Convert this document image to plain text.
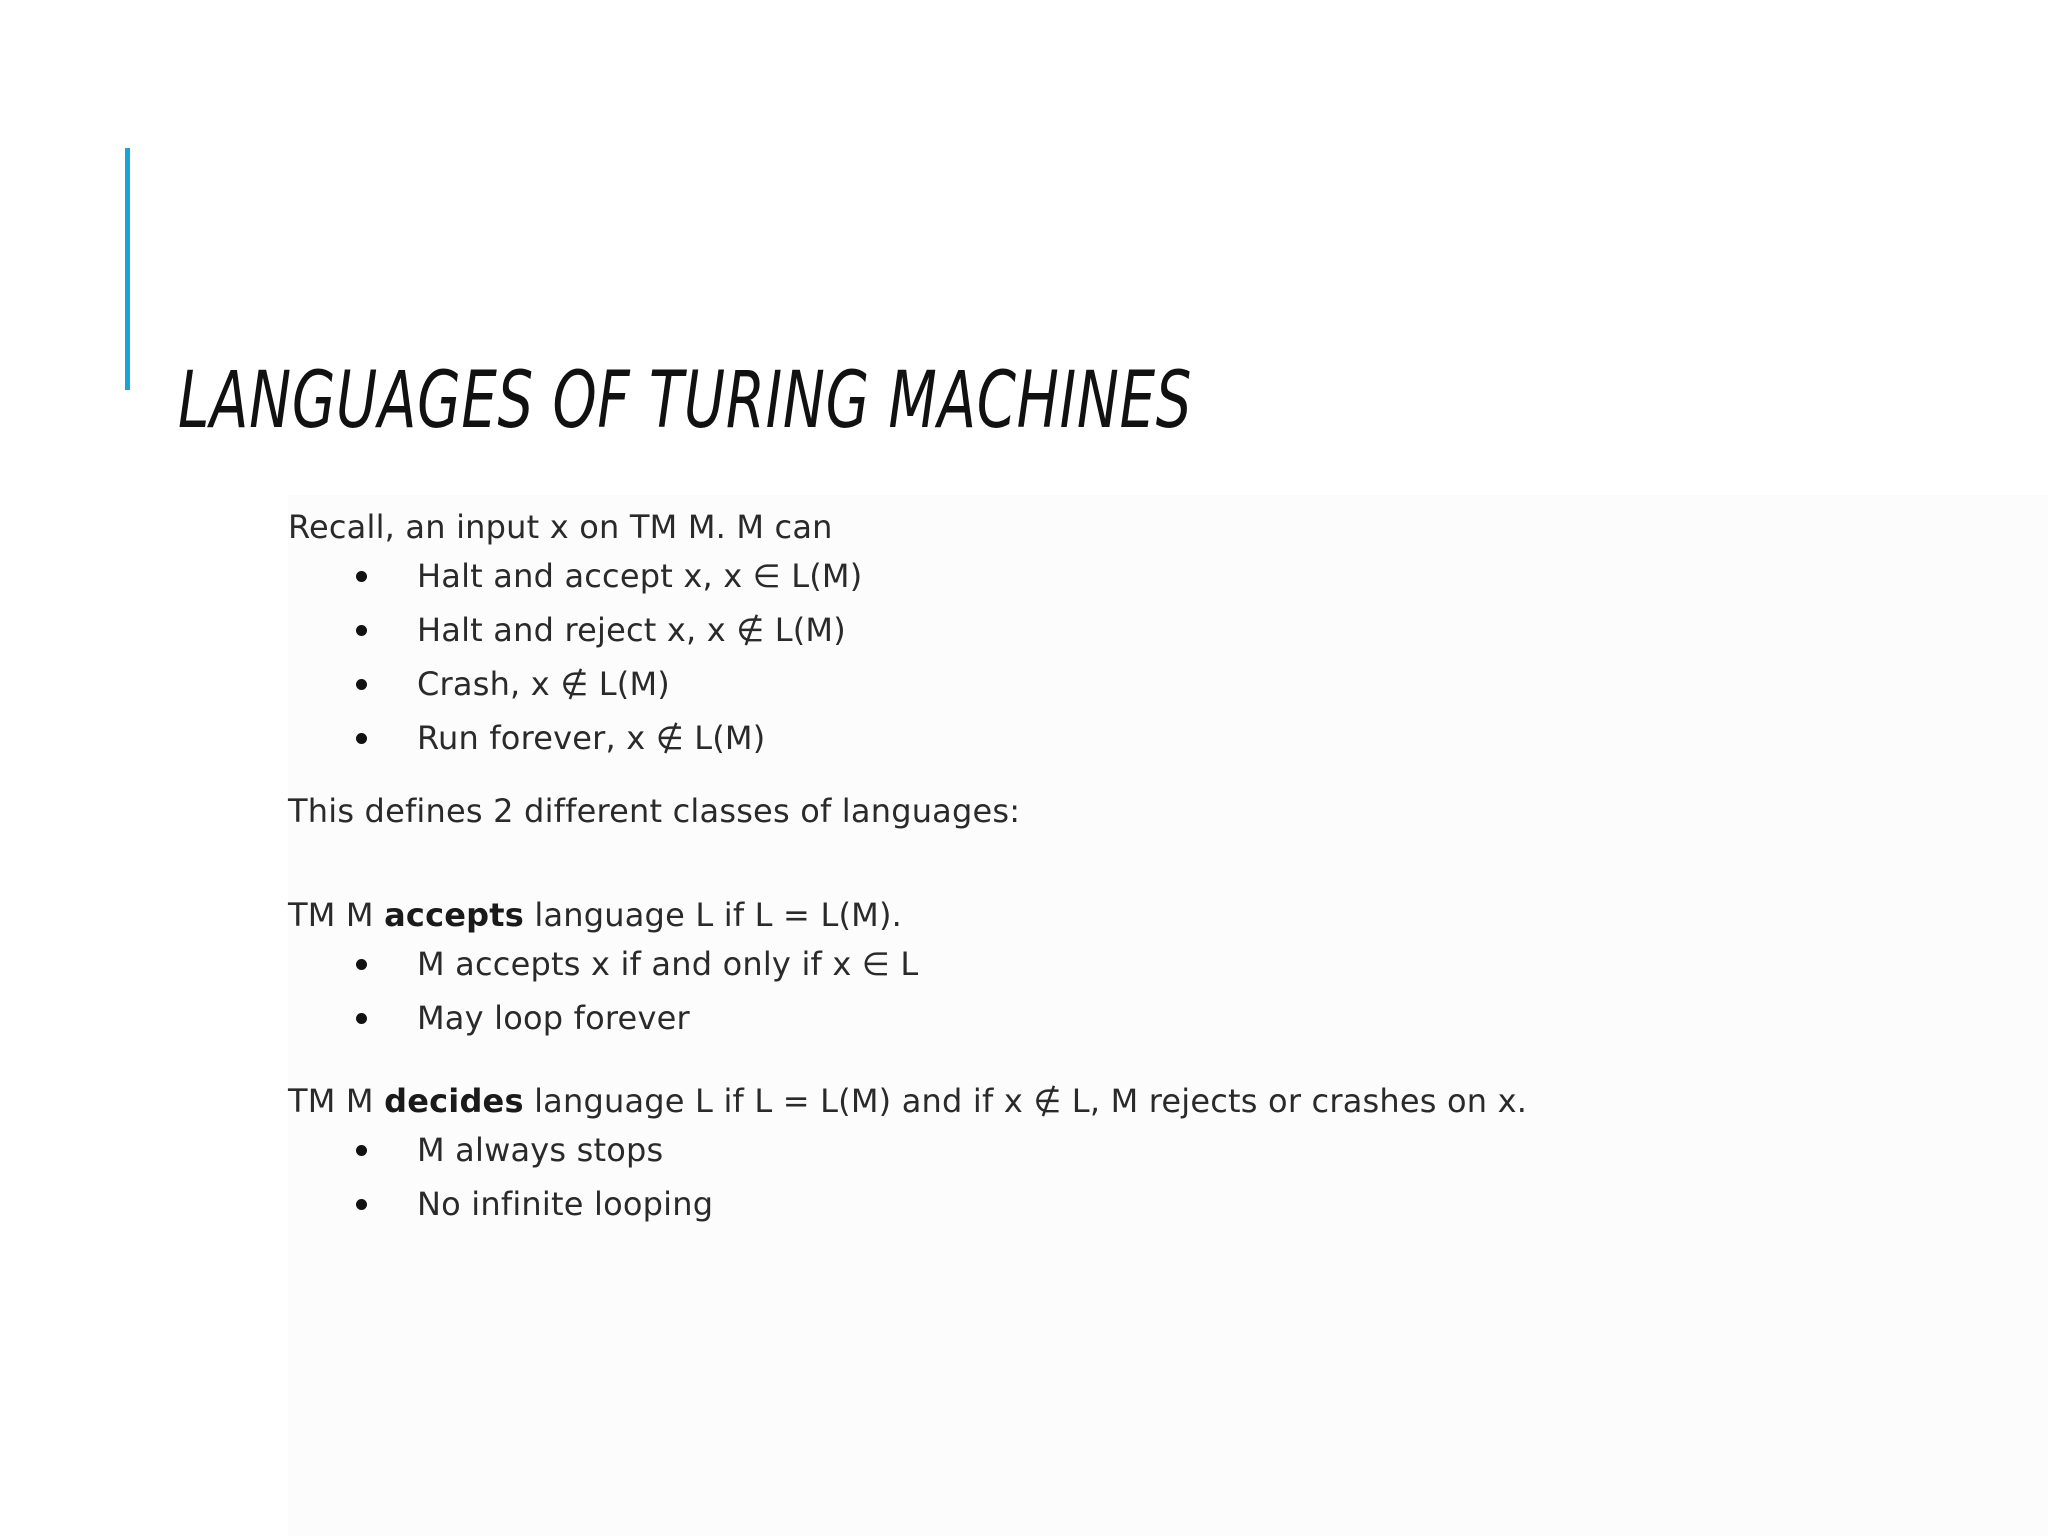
LANGUAGES OF TURING MACHINES

Recall, an input x on TM M. M can

Halt and accept x, x ∈ L(M)
Halt and reject x, x ∉ L(M)
Crash, x ∉ L(M)
Run forever, x ∉ L(M)

This defines 2 different classes of languages:

TM M accepts language L if L = L(M).

M accepts x if and only if x ∈ L
May loop forever

TM M decides language L if L = L(M) and if x ∉ L, M rejects or crashes on x.

M always stops
No infinite looping
